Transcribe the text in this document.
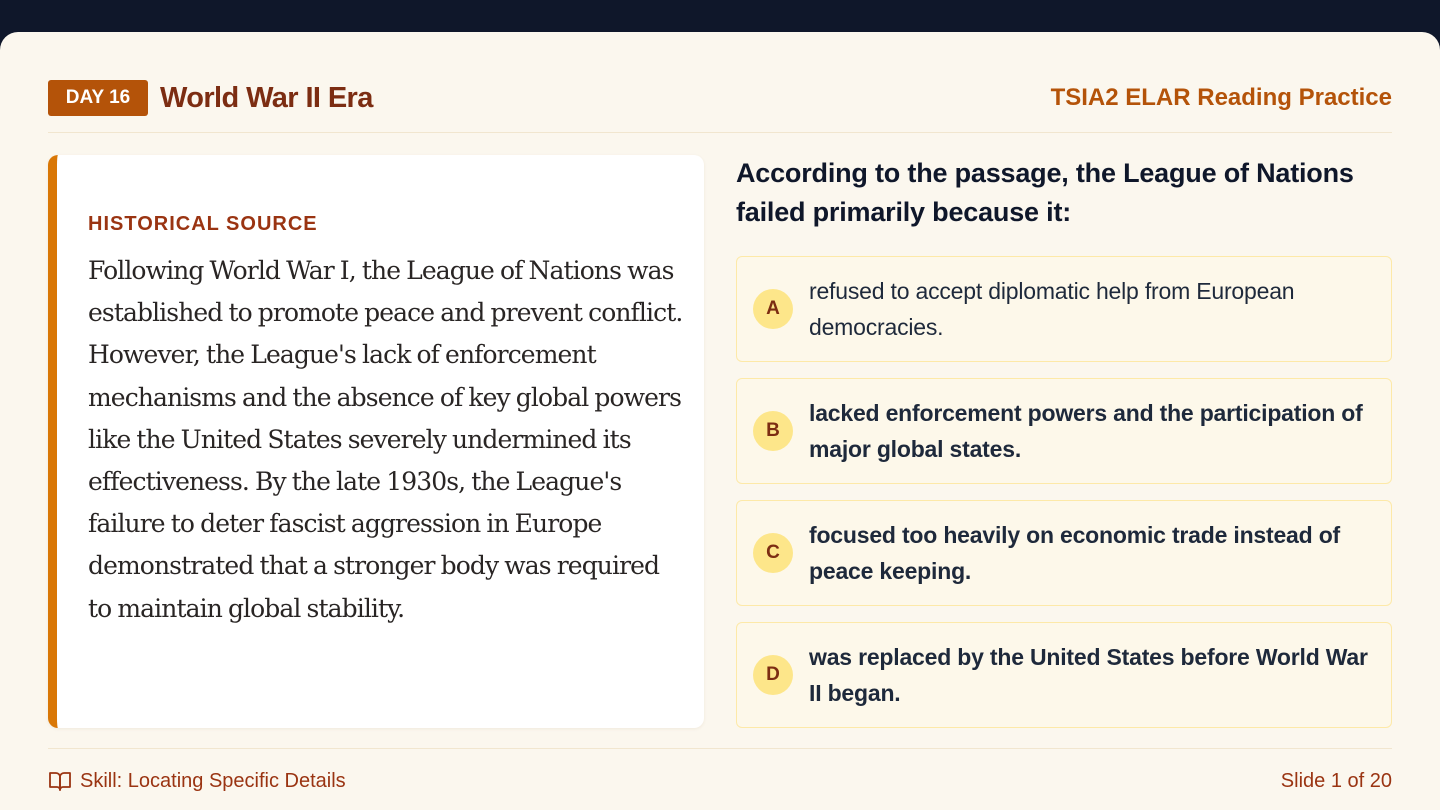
DAY 16	World War II Era	TSIA2 ELAR Reading Practice
HISTORICAL SOURCE
Following World War I, the League of Nations was established to promote peace and prevent conflict. However, the League's lack of enforcement mechanisms and the absence of key global powers like the United States severely undermined its effectiveness. By the late 1930s, the League's failure to deter fascist aggression in Europe demonstrated that a stronger body was required to maintain global stability.
According to the passage, the League of Nations failed primarily because it:
A
refused to accept diplomatic help from European democracies.
B
lacked enforcement powers and the participation of major global states.
C
focused too heavily on economic trade instead of peace keeping.
D
was replaced by the United States before World War II began.
Skill: Locating Specific Details	Slide 1 of 20
